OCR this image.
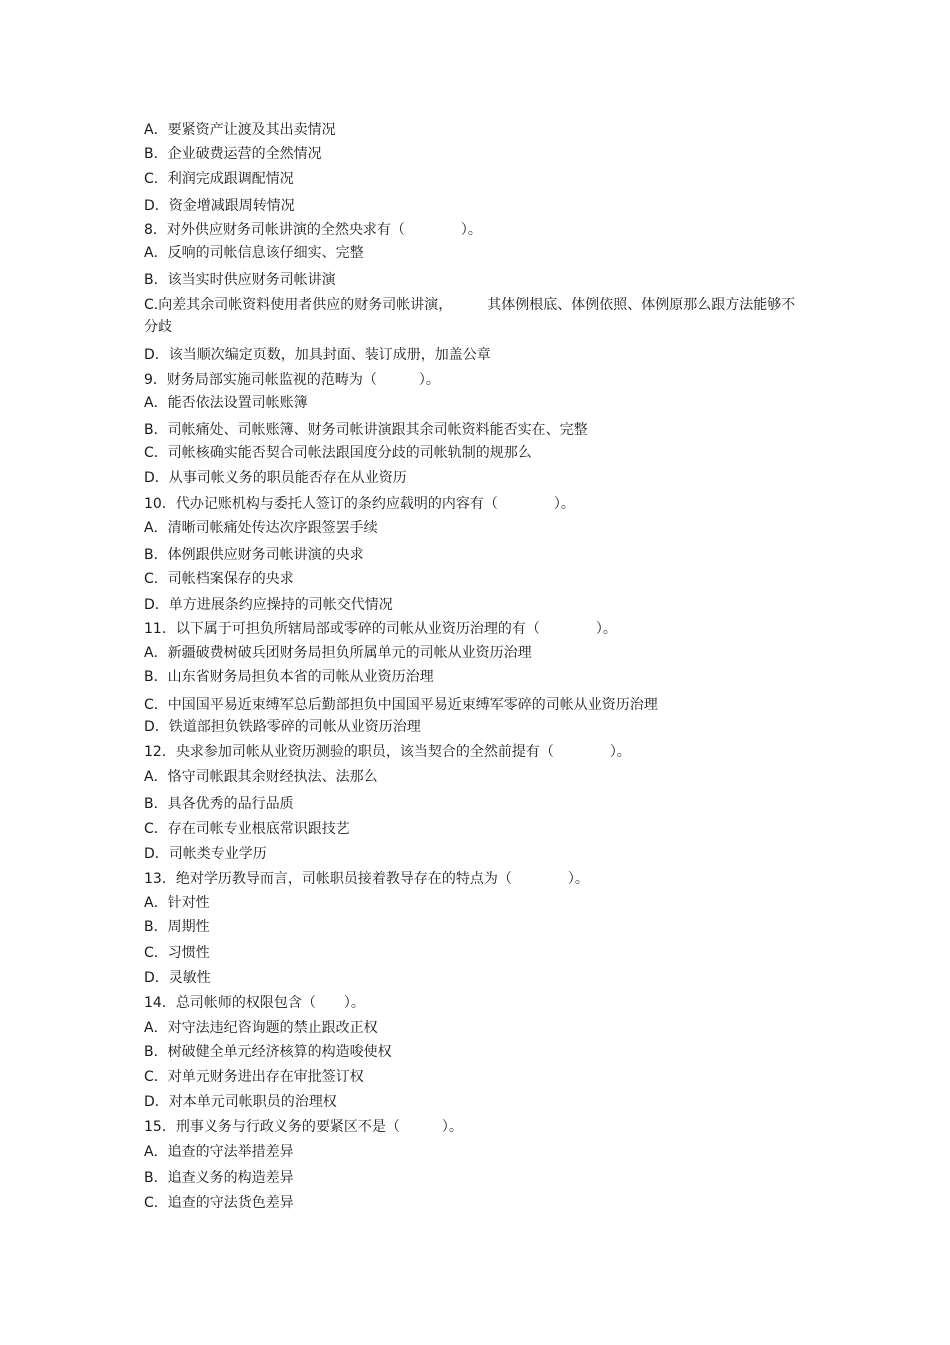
A．要紧资产让渡及其出卖情况
B．企业破费运营的全然情况
C．利润完成跟调配情况
D．资金增减跟周转情况
8．对外供应财务司帐讲演的全然央求有（　　　　）。
A．反响的司帐信息该仔细实、完整
B．该当实时供应财务司帐讲演
C.向差其余司帐资料使用者供应的财务司帐讲演，　　　其体例根底、体例依照、体例原那么跟方法能够不分歧
D．该当顺次编定页数，加具封面、装订成册，加盖公章
9．财务局部实施司帐监视的范畴为（　　　）。
A．能否依法设置司帐账簿
B．司帐痛处、司帐账簿、财务司帐讲演跟其余司帐资料能否实在、完整
C．司帐核确实能否契合司帐法跟国度分歧的司帐轨制的规那么
D．从事司帐义务的职员能否存在从业资历
10．代办记账机构与委托人签订的条约应载明的内容有（　　　　）。
A．清晰司帐痛处传达次序跟签罢手续
B．体例跟供应财务司帐讲演的央求
C．司帐档案保存的央求
D．单方进展条约应操持的司帐交代情况
11．以下属于可担负所辖局部或零碎的司帐从业资历治理的有（　　　　）。
A．新疆破费树破兵团财务局担负所属单元的司帐从业资历治理
B．山东省财务局担负本省的司帐从业资历治理
C．中国国平易近束缚军总后勤部担负中国国平易近束缚军零碎的司帐从业资历治理
D．铁道部担负铁路零碎的司帐从业资历治理
12．央求参加司帐从业资历测验的职员，该当契合的全然前提有（　　　　）。
A．恪守司帐跟其余财经执法、法那么
B．具各优秀的品行品质
C．存在司帐专业根底常识跟技艺
D．司帐类专业学历
13．绝对学历教导而言，司帐职员接着教导存在的特点为（　　　　）。
A．针对性
B．周期性
C．习惯性
D．灵敏性
14．总司帐师的权限包含（　　）。
A．对守法违纪咨询题的禁止跟改正权
B．树破健全单元经济核算的构造唆使权
C．对单元财务进出存在审批签订权
D．对本单元司帐职员的治理权
15．刑事义务与行政义务的要紧区不是（　　　）。
A．追查的守法举措差异
B．追查义务的构造差异
C．追查的守法货色差异
